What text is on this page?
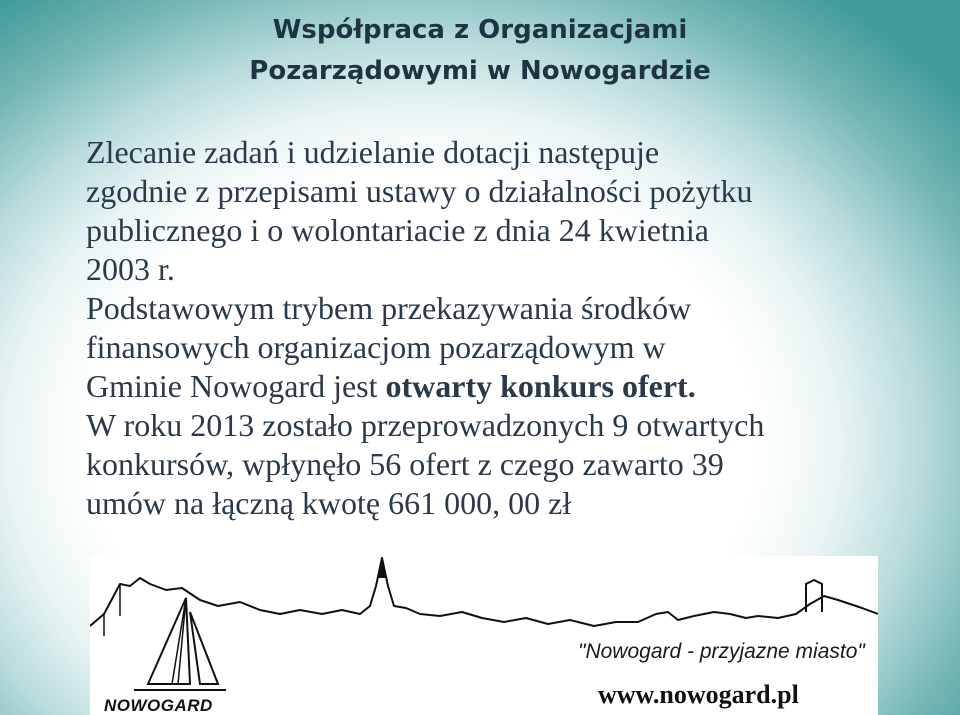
Współpraca z Organizacjami
Pozarządowymi w Nowogardzie

Zlecanie zadań i udzielanie dotacji następuje
zgodnie z przepisami ustawy o działalności pożytku
publicznego i o wolontariacie z dnia 24 kwietnia
2003 r.

Podstawowym trybem przekazywania środków
finansowych organizacjom pozarządowym w
Gminie Nowogard jest otwarty konkurs ofert.

W roku 2013 zostało przeprowadzonych 9 otwartych
konkursów, wpłynęło 56 ofert z czego zawarto 39
umów na łączną kwotę 661 000, 00 zł

NOWOGARD
"Nowogard - przyjazne miasto"
www.nowogard.pl
